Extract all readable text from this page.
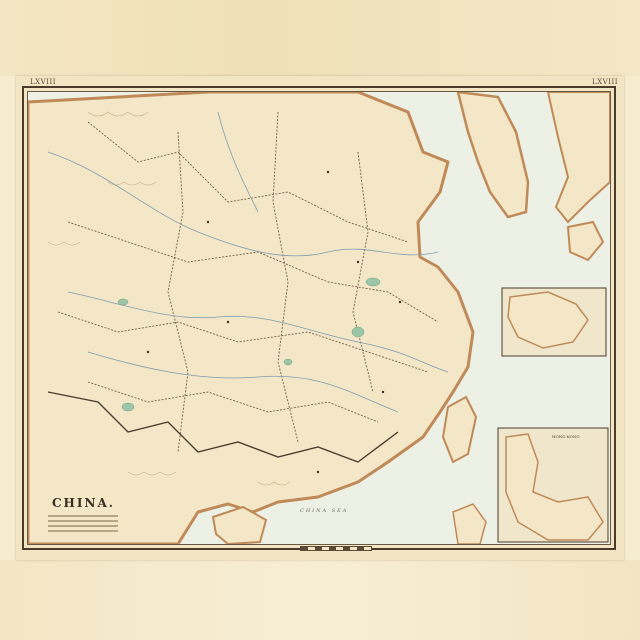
LXVIII	LXVIII
CHINA.
CHINA SEA
HONG KONG
